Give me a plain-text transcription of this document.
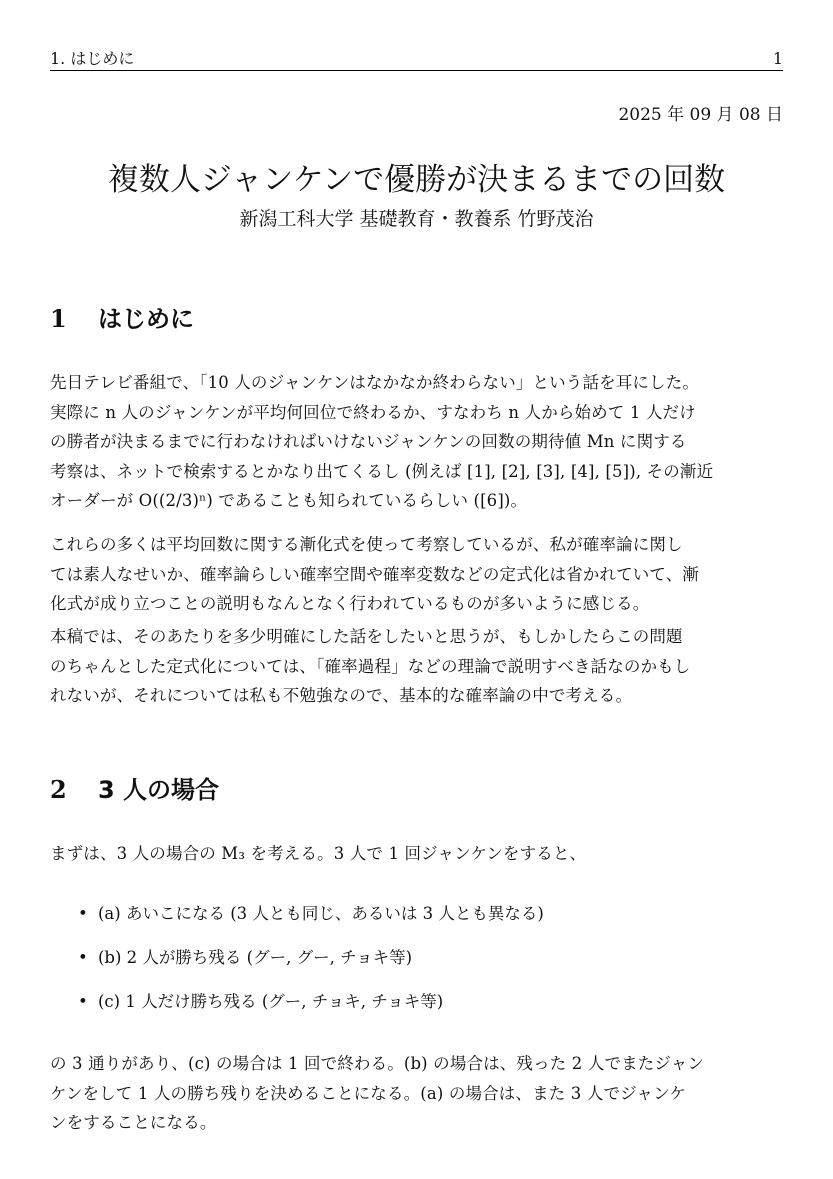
1. はじめに	1
2025 年 09 月 08 日
複数人ジャンケンで優勝が決まるまでの回数
新潟工科大学 基礎教育・教養系 竹野茂治
1 はじめに
先日テレビ番組で、「10 人のジャンケンはなかなか終わらない」という話を耳にした。
実際に n 人のジャンケンが平均何回位で終わるか、すなわち n 人から始めて 1 人だけ
の勝者が決まるまでに行わなければいけないジャンケンの回数の期待値 Mn に関する
考察は、ネットで検索するとかなり出てくるし (例えば [1], [2], [3], [4], [5]), その漸近
オーダーが O((2/3)ⁿ) であることも知られているらしい ([6])。
これらの多くは平均回数に関する漸化式を使って考察しているが、私が確率論に関し
ては素人なせいか、確率論らしい確率空間や確率変数などの定式化は省かれていて、漸
化式が成り立つことの説明もなんとなく行われているものが多いように感じる。
本稿では、そのあたりを多少明確にした話をしたいと思うが、もしかしたらこの問題
のちゃんとした定式化については、「確率過程」などの理論で説明すべき話なのかもし
れないが、それについては私も不勉強なので、基本的な確率論の中で考える。
2 3 人の場合
まずは、3 人の場合の M₃ を考える。3 人で 1 回ジャンケンをすると、
• (a) あいこになる (3 人とも同じ、あるいは 3 人とも異なる)
• (b) 2 人が勝ち残る (グー, グー, チョキ等)
• (c) 1 人だけ勝ち残る (グー, チョキ, チョキ等)
の 3 通りがあり、(c) の場合は 1 回で終わる。(b) の場合は、残った 2 人でまたジャン
ケンをして 1 人の勝ち残りを決めることになる。(a) の場合は、また 3 人でジャンケ
ンをすることになる。
